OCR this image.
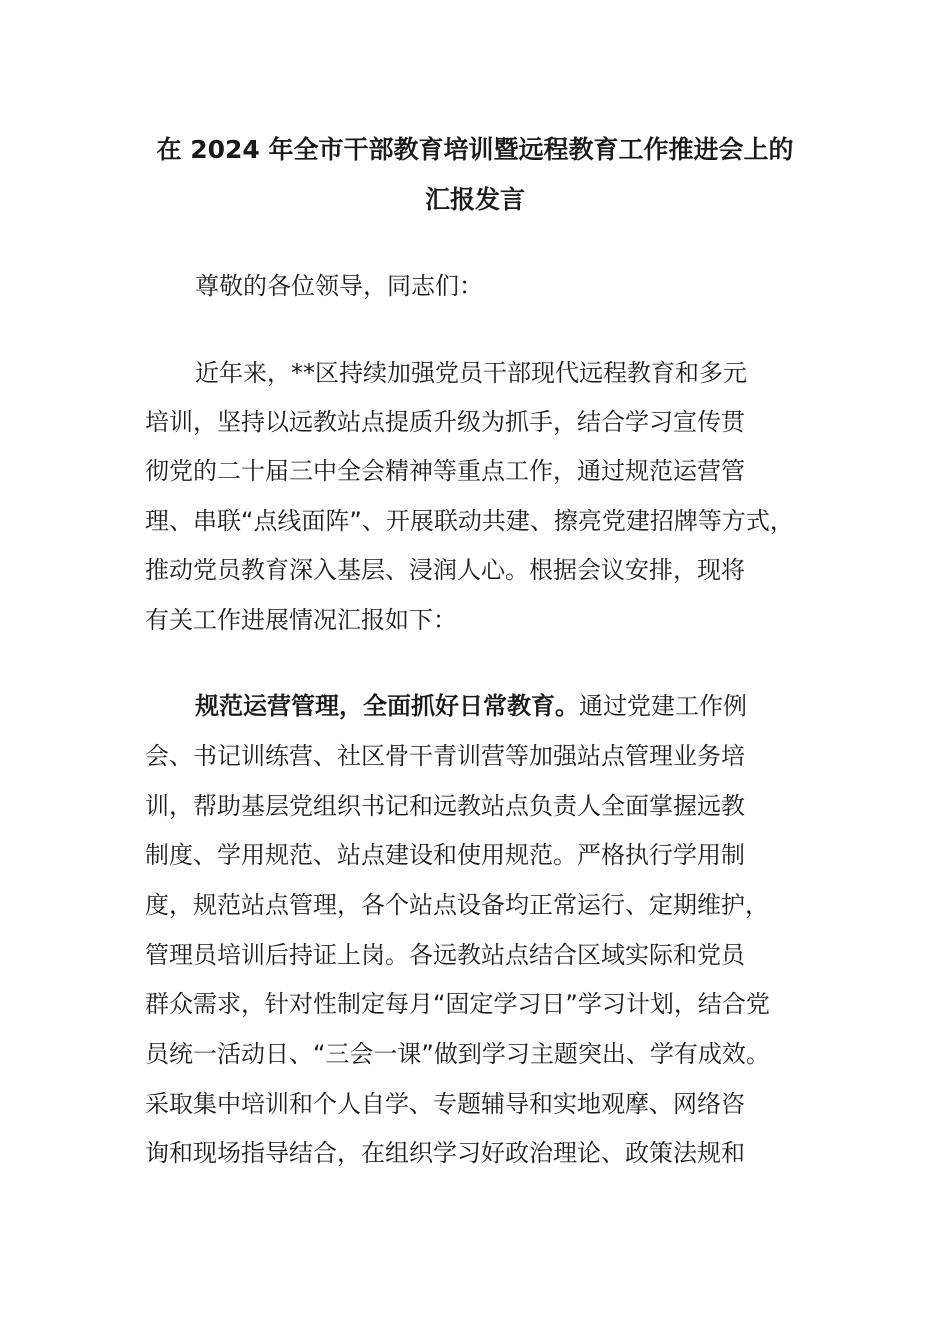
在 2024 年全市干部教育培训暨远程教育工作推进会上的
汇报发言
尊敬的各位领导，同志们：
近年来，**区持续加强党员干部现代远程教育和多元
培训，坚持以远教站点提质升级为抓手，结合学习宣传贯
彻党的二十届三中全会精神等重点工作，通过规范运营管
理、串联“点线面阵”、开展联动共建、擦亮党建招牌等方式，
推动党员教育深入基层、浸润人心。根据会议安排，现将
有关工作进展情况汇报如下：
规范运营管理，全面抓好日常教育。通过党建工作例
会、书记训练营、社区骨干青训营等加强站点管理业务培
训，帮助基层党组织书记和远教站点负责人全面掌握远教
制度、学用规范、站点建设和使用规范。严格执行学用制
度，规范站点管理，各个站点设备均正常运行、定期维护，
管理员培训后持证上岗。各远教站点结合区域实际和党员
群众需求，针对性制定每月“固定学习日”学习计划，结合党
员统一活动日、“三会一课”做到学习主题突出、学有成效。
采取集中培训和个人自学、专题辅导和实地观摩、网络咨
询和现场指导结合，在组织学习好政治理论、政策法规和
